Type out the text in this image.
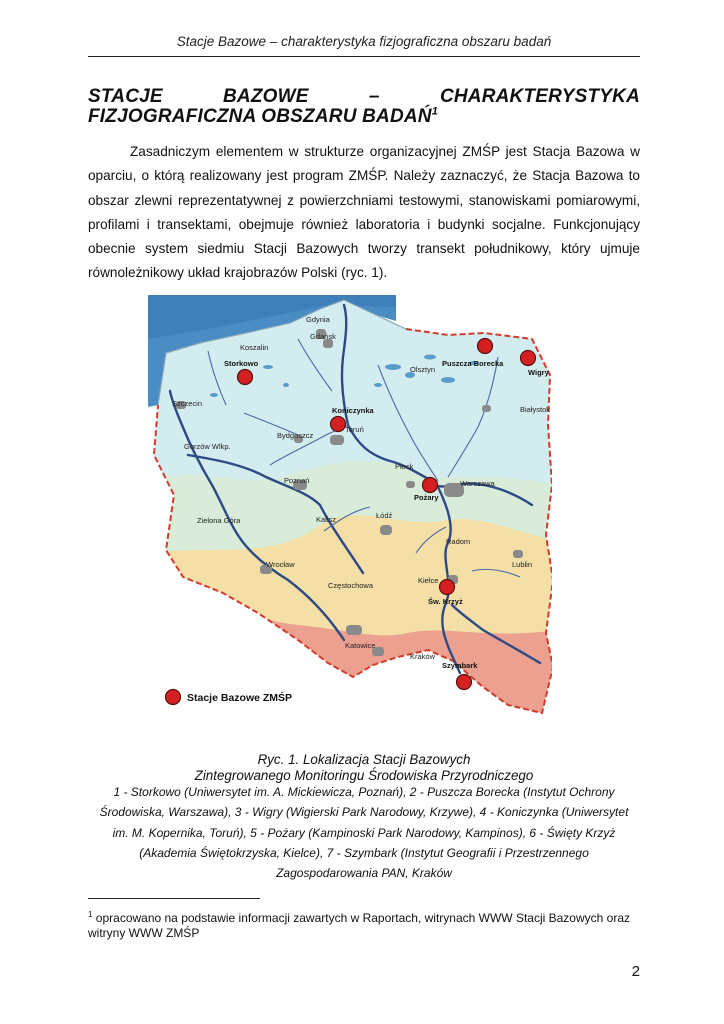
Stacje Bazowe – charakterystyka fizjograficzna obszaru badań
STACJE BAZOWE – CHARAKTERYSTYKA FIZJOGRAFICZNA OBSZARU BADAŃ$^1$

Zasadniczym elementem w strukturze organizacyjnej ZMŚP jest Stacja Bazowa w oparciu, o którą realizowany jest program ZMŚP. Należy zaznaczyć, że Stacja Bazowa to obszar zlewni reprezentatywnej z powierzchniami testowymi, stanowiskami pomiarowymi, profilami i transektami, obejmuje również laboratoria i budynki socjalne. Funkcjonujący obecnie system siedmiu Stacji Bazowych tworzy transekt południkowy, który ujmuje równoleżnikowy układ krajobrazów Polski (ryc. 1).

Gdynia
Gdańsk
Koszalin
Olsztyn
Szczecin
Białystok
Bydgoszcz
Toruń
Gorzów Wlkp.
Płock
Poznań	Warszawa
Kalisz	Łódź
Zielona Góra
Radom
Lublin
Wrocław
Częstochowa
Kielce
Katowice
Kraków
Storkowo	Puszcza Borecka
Wigry
Koniczynka
Pożary
Św. Krzyż
Szymbark
Stacje Bazowe ZMŚP
Ryc. 1. Lokalizacja Stacji Bazowych
Zintegrowanego Monitoringu Środowiska Przyrodniczego
1 - Storkowo (Uniwersytet im. A. Mickiewicza, Poznań), 2 - Puszcza Borecka (Instytut Ochrony Środowiska, Warszawa), 3 - Wigry (Wigierski Park Narodowy, Krzywe), 4 - Koniczynka (Uniwersytet im. M. Kopernika, Toruń), 5 - Pożary (Kampinoski Park Narodowy, Kampinos), 6 - Święty Krzyż (Akademia Świętokrzyska, Kielce), 7 - Szymbark (Instytut Geografii i Przestrzennego Zagospodarowania PAN, Kraków
$^1$ opracowano na podstawie informacji zawartych w Raportach, witrynach WWW Stacji Bazowych oraz witryny WWW ZMŚP
2
